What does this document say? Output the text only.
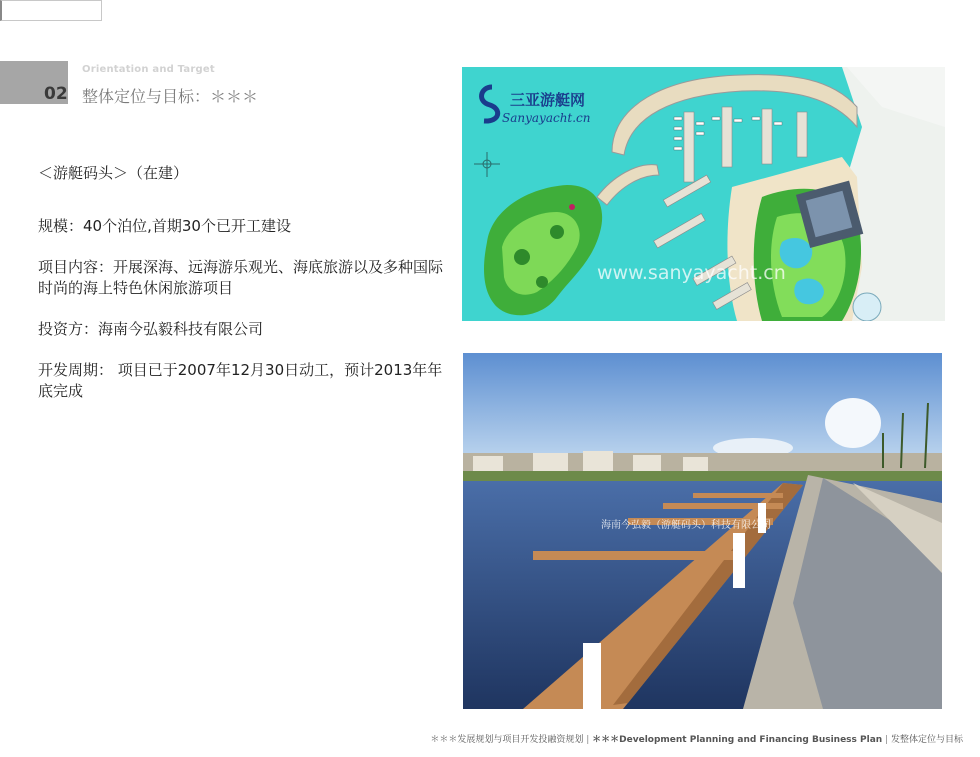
02
Orientation and Target
整体定位与目标：＊＊＊

＜游艇码头＞（在建）

规模：40个泊位,首期30个已开工建设

项目内容：开展深海、远海游乐观光、海底旅游以及多种国际时尚的海上特色休闲旅游项目

投资方：海南今弘毅科技有限公司

开发周期： 项目已于2007年12月30日动工，预计2013年年底完成

三亚游艇网
Sanyayacht.cn
www.sanyayacht.cn
海南今弘毅（游艇码头）科技有限公司
＊＊＊发展规划与项目开发投融资规划 | ＊＊＊Development Planning and Financing Business Plan | 发整体定位与目标
